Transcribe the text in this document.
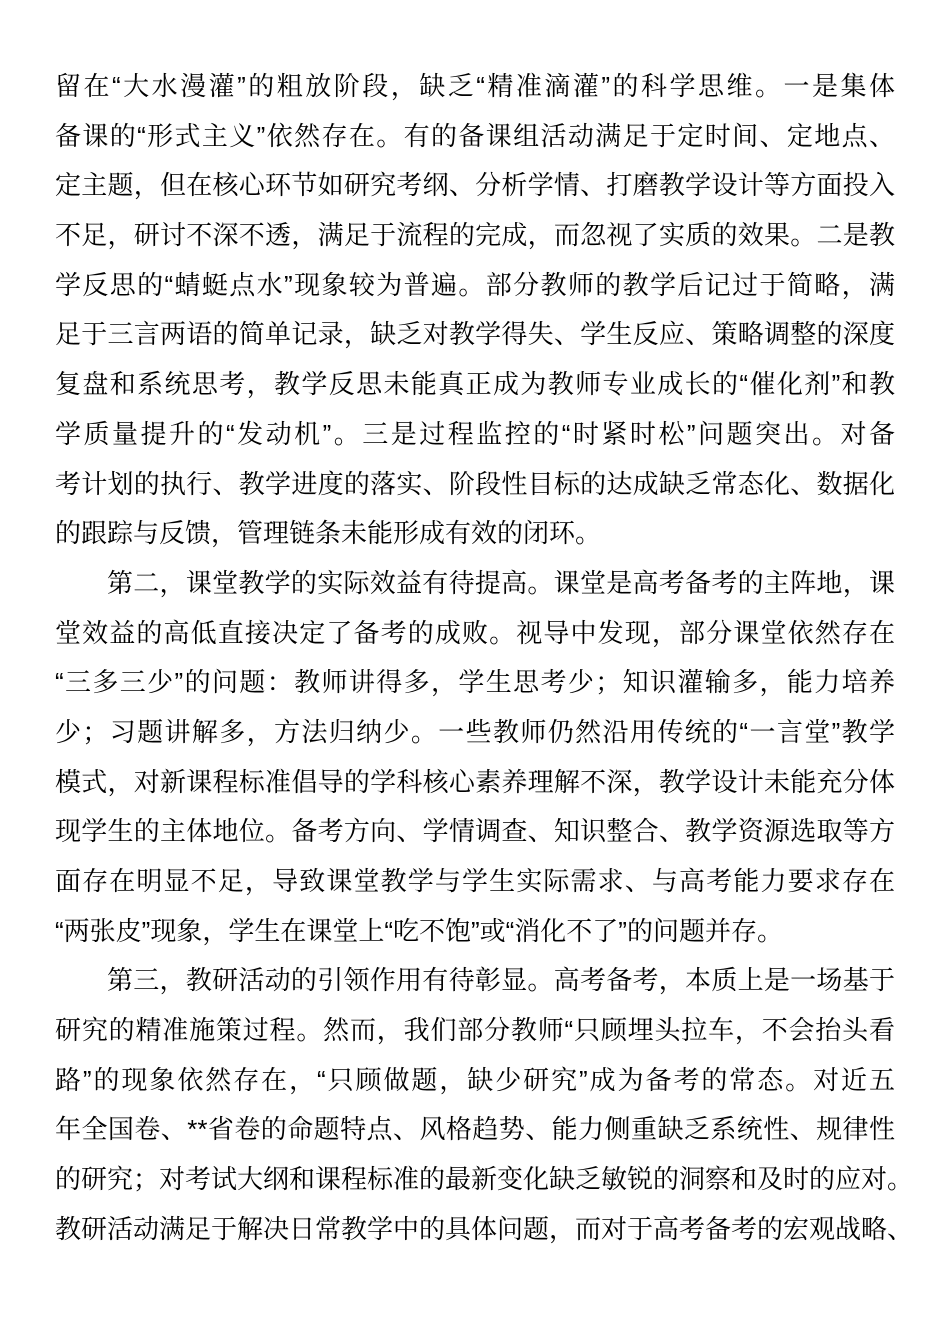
留在“大水漫灌”的粗放阶段，缺乏“精准滴灌”的科学思维。一是集体
备课的“形式主义”依然存在。有的备课组活动满足于定时间、定地点、
定主题，但在核心环节如研究考纲、分析学情、打磨教学设计等方面投入
不足，研讨不深不透，满足于流程的完成，而忽视了实质的效果。二是教
学反思的“蜻蜓点水”现象较为普遍。部分教师的教学后记过于简略，满
足于三言两语的简单记录，缺乏对教学得失、学生反应、策略调整的深度
复盘和系统思考，教学反思未能真正成为教师专业成长的“催化剂”和教
学质量提升的“发动机”。三是过程监控的“时紧时松”问题突出。对备
考计划的执行、教学进度的落实、阶段性目标的达成缺乏常态化、数据化
的跟踪与反馈，管理链条未能形成有效的闭环。
第二，课堂教学的实际效益有待提高。课堂是高考备考的主阵地，课
堂效益的高低直接决定了备考的成败。视导中发现，部分课堂依然存在
“三多三少”的问题：教师讲得多，学生思考少；知识灌输多，能力培养
少；习题讲解多，方法归纳少。一些教师仍然沿用传统的“一言堂”教学
模式，对新课程标准倡导的学科核心素养理解不深，教学设计未能充分体
现学生的主体地位。备考方向、学情调查、知识整合、教学资源选取等方
面存在明显不足，导致课堂教学与学生实际需求、与高考能力要求存在
“两张皮”现象，学生在课堂上“吃不饱”或“消化不了”的问题并存。
第三，教研活动的引领作用有待彰显。高考备考，本质上是一场基于
研究的精准施策过程。然而，我们部分教师“只顾埋头拉车，不会抬头看
路”的现象依然存在，“只顾做题，缺少研究”成为备考的常态。对近五
年全国卷、**省卷的命题特点、风格趋势、能力侧重缺乏系统性、规律性
的研究；对考试大纲和课程标准的最新变化缺乏敏锐的洞察和及时的应对。
教研活动满足于解决日常教学中的具体问题，而对于高考备考的宏观战略、
